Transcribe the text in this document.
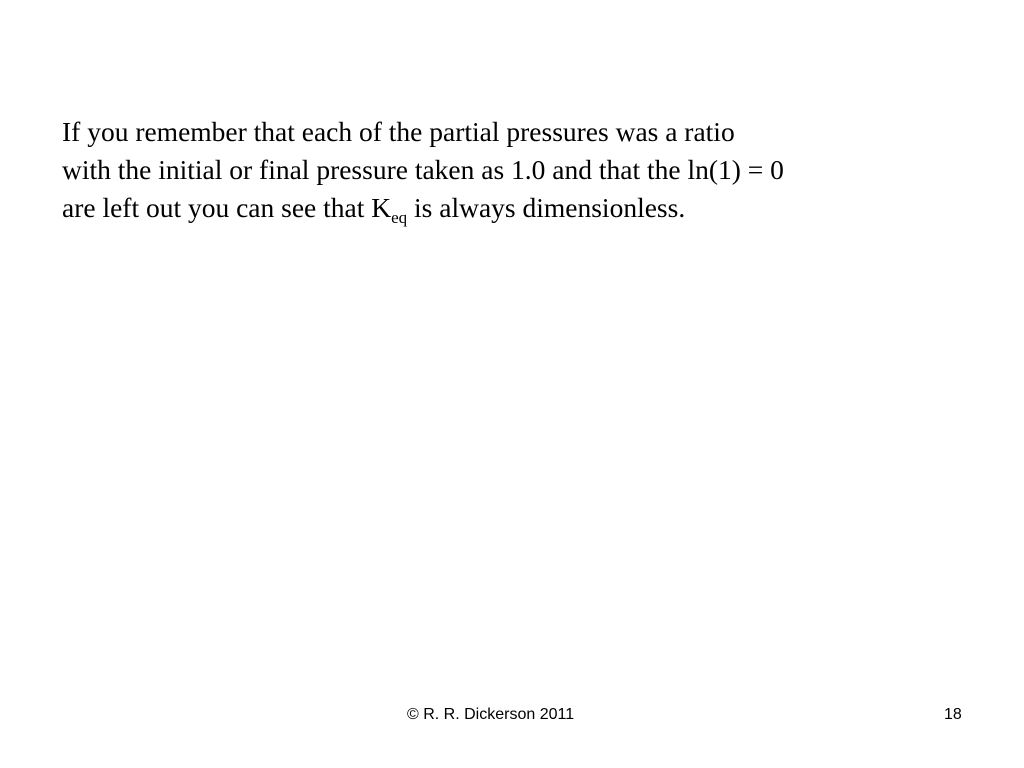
If you remember that each of the partial pressures was a ratio
with the initial or final pressure taken as 1.0 and that the ln(1) = 0
are left out you can see that $K_{eq}$ is always dimensionless.
© R. R. Dickerson 2011	18
